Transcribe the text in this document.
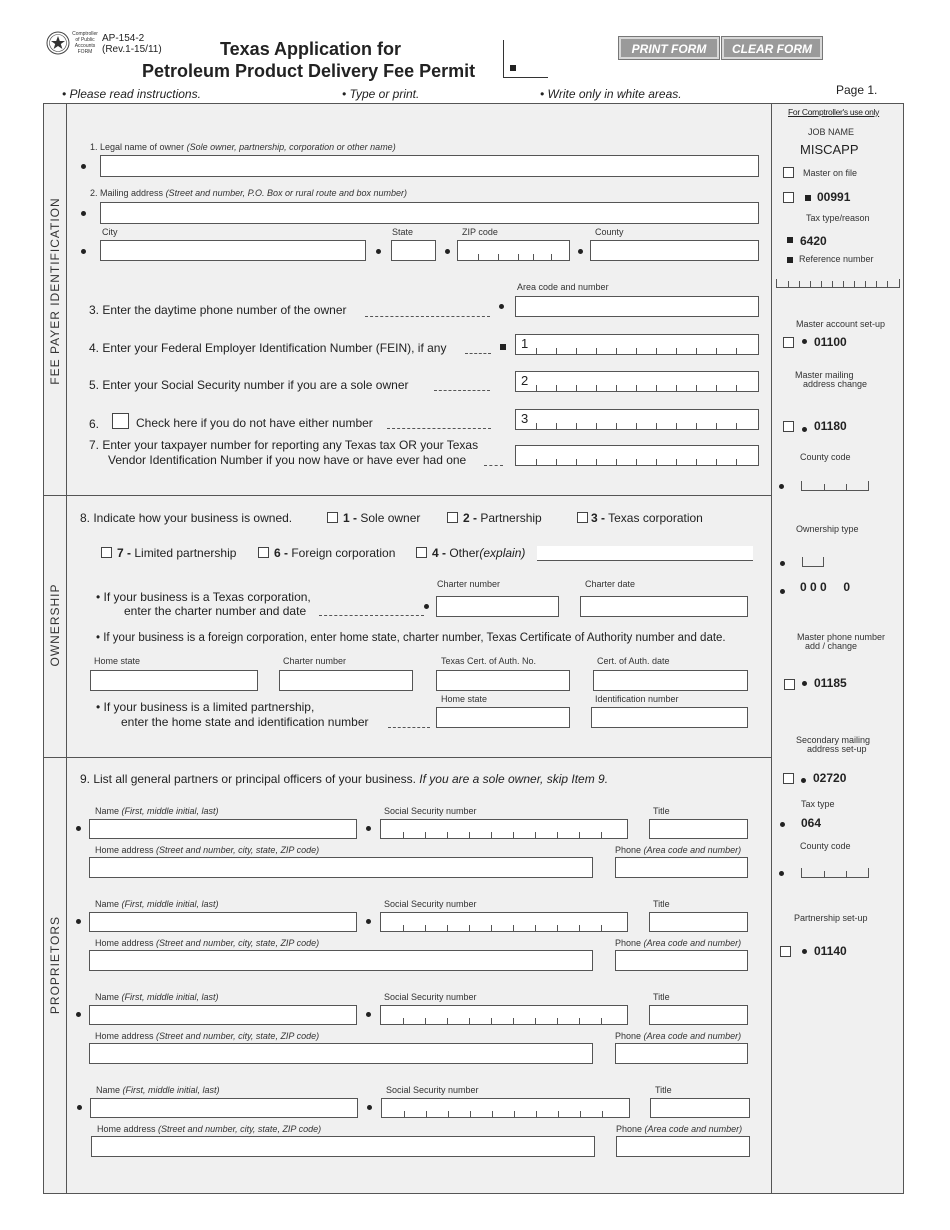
Comptroller
of Public
Accounts
FORM
AP-154-2
(Rev.1-15/11)	Texas Application for
Petroleum Product Delivery Fee Permit
PRINT FORM	CLEAR FORM
Page 1.
• Please read instructions.	• Type or print.	• Write only in white areas.
FEE PAYER IDENTIFICATION
OWNERSHIP
PROPRIETORS
1. Legal name of owner (Sole owner, partnership, corporation or other name)
2. Mailing address (Street and number, P.O. Box or rural route and box number)
City	State	ZIP code	County
Area code and number
3. Enter the daytime phone number of the owner
4. Enter your Federal Employer Identification Number (FEIN), if any	1
5. Enter your Social Security number if you are a sole owner	2
6.	Check here if you do not have either number	3
7. Enter your taxpayer number for reporting any Texas tax OR your Texas
Vendor Identification Number if you now have or have ever had one
8. Indicate how your business is owned.	1 - Sole owner	2 - Partnership	3 - Texas corporation
7 - Limited partnership	6 - Foreign corporation	4 - Other(explain)
Charter number	Charter date
• If your business is a Texas corporation,
enter the charter number and date
• If your business is a foreign corporation, enter home state, charter number, Texas Certificate of Authority number and date.
Home state	Charter number	Texas Cert. of Auth. No.	Cert. of Auth. date
Home state	Identification number
• If your business is a limited partnership,
enter the home state and identification number
9. List all general partners or principal officers of your business. If you are a sole owner, skip Item 9.
Name (First, middle initial, last)	Social Security number	Title
Home address (Street and number, city, state, ZIP code)	Phone (Area code and number)
Name (First, middle initial, last)	Social Security number	Title
Home address (Street and number, city, state, ZIP code)	Phone (Area code and number)
Name (First, middle initial, last)	Social Security number	Title
Home address (Street and number, city, state, ZIP code)	Phone (Area code and number)
Name (First, middle initial, last)	Social Security number	Title
Home address (Street and number, city, state, ZIP code)	Phone (Area code and number)
For Comptroller's use only
JOB NAME
MISCAPP
Master on file
00991
Tax type/reason
6420
Reference number
Master account set-up
01100
Master mailing
address change
01180
County code
Ownership type
0 0 0     0
Master phone number
add / change
01185
Secondary mailing
address set-up
02720
Tax type
064
County code
Partnership set-up
01140
